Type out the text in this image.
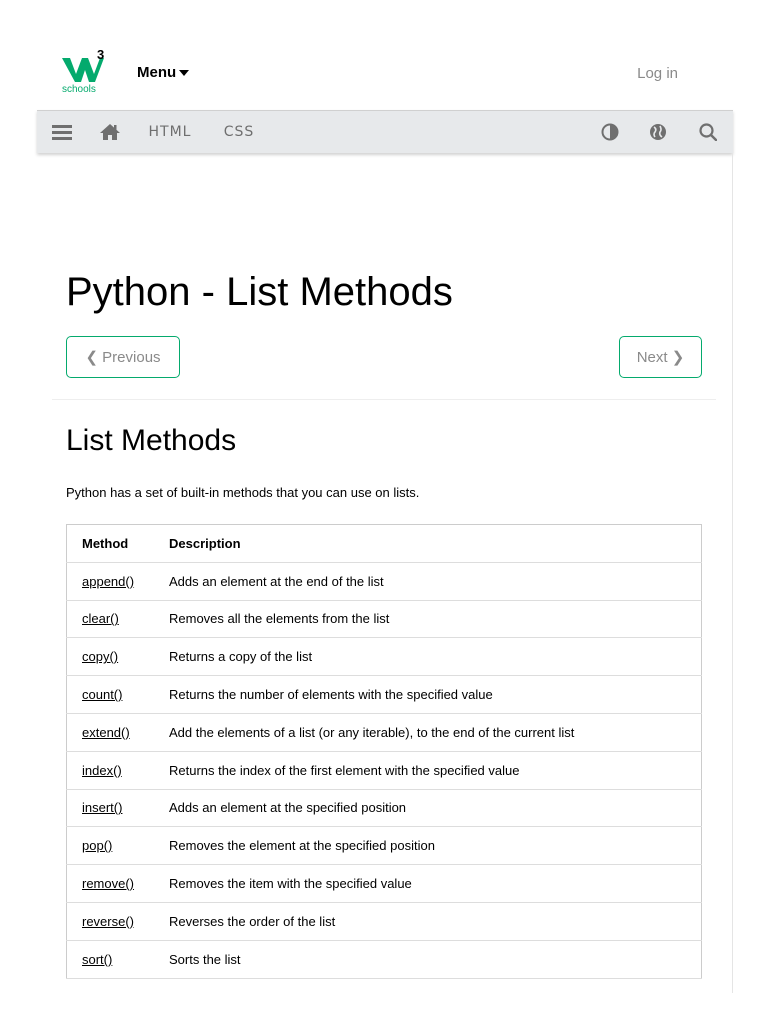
3
schools
Menu	Log in
HTML CSS
Python - List Methods
❮ Previous	Next ❯
List Methods

Python has a set of built-in methods that you can use on lists.

Method	Description
append()	Adds an element at the end of the list
clear()	Removes all the elements from the list
copy()	Returns a copy of the list
count()	Returns the number of elements with the specified value
extend()	Add the elements of a list (or any iterable), to the end of the current list
index()	Returns the index of the first element with the specified value
insert()	Adds an element at the specified position
pop()	Removes the element at the specified position
remove()	Removes the item with the specified value
reverse()	Reverses the order of the list
sort()	Sorts the list
